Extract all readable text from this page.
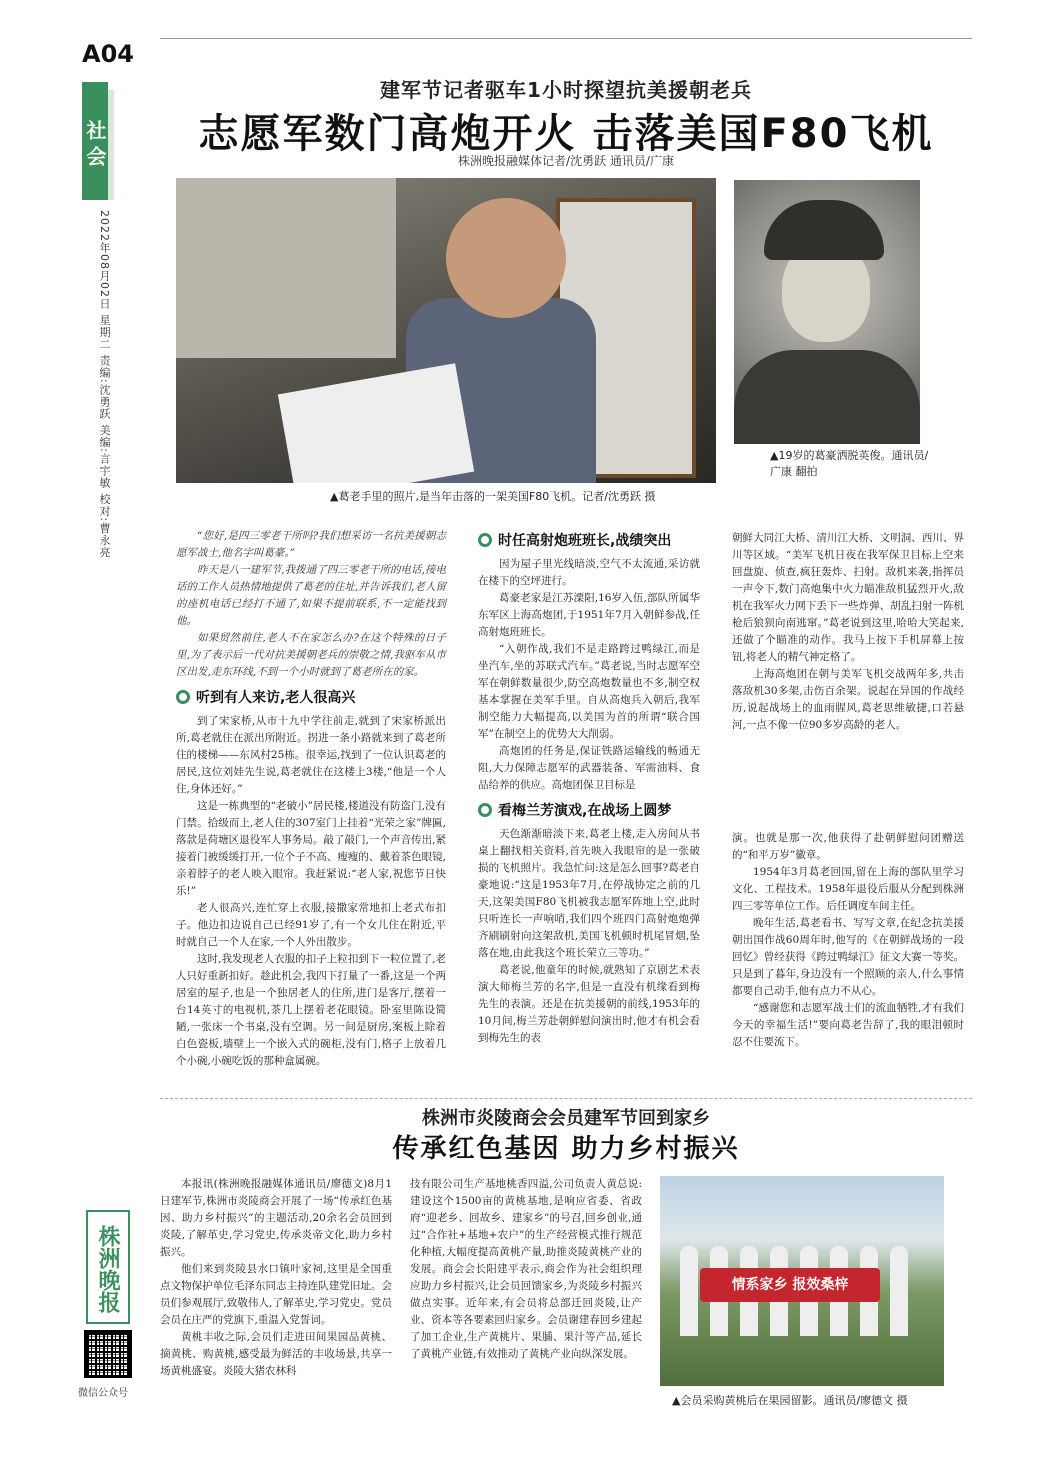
A04
社会
2022年08月02日 星期二 责编:沈勇跃 美编:言宇敏 校对:曹永亮
株洲晚报
微信公众号
建军节记者驱车1小时探望抗美援朝老兵
志愿军数门高炮开火 击落美国F80飞机
株洲晚报融媒体记者/沈勇跃 通讯员/广康
▲葛老手里的照片,是当年击落的一架美国F80飞机。记者/沈勇跃 摄
▲19岁的葛豪洒脱英俊。通讯员/广康 翻拍

“您好,是四三零老干所吗?我们想采访一名抗美援朝志愿军战士,他名字叫葛豪。”

昨天是八一建军节,我拨通了四三零老干所的电话,接电话的工作人员热情地提供了葛老的住址,并告诉我们,老人留的座机电话已经打不通了,如果不提前联系,不一定能找到他。

如果贸然前往,老人不在家怎么办?在这个特殊的日子里,为了表示后一代对抗美援朝老兵的崇敬之情,我驱车从市区出发,走东环线,不到一个小时就到了葛老所在的家。

听到有人来访,老人很高兴

到了宋家桥,从市十九中学往前走,就到了宋家桥派出所,葛老就住在派出所附近。拐进一条小路就来到了葛老所住的楼梯——东风村25栋。很幸运,找到了一位认识葛老的居民,这位刘娃先生说,葛老就住在这楼上3楼,“他是一个人住,身体还好。”

这是一栋典型的“老破小”居民楼,楼道没有防盗门,没有门禁。拾级而上,老人住的307室门上挂着“光荣之家”牌匾,落款是荷塘区退役军人事务局。敲了敲门,一个声音传出,紧接着门被缓缓打开,一位个子不高、瘦瘦的、戴着茶色眼镜,亲着脖子的老人映入眼帘。我赶紧说:“老人家,祝您节日快乐!”

老人很高兴,连忙穿上衣服,接撒家常地扣上老式布扣子。他边扣边说自己已经91岁了,有一个女儿住在附近,平时就自己一个人在家,一个人外出散步。

这时,我发现老人衣服的扣子上粒扣到下一粒位置了,老人只好重新扣好。趁此机会,我四下打量了一番,这是一个两居室的屋子,也是一个独居老人的住所,进门是客厅,摆着一台14英寸的电视机,茶几上摆着老花眼镜。卧室里陈设简陋,一张床一个书桌,没有空调。另一间是厨房,案板上除着白色瓷板,墙壁上一个嵌入式的碗柜,没有门,格子上放着几个小碗,小碗吃饭的那种盒属碗。

时任高射炮班班长,战绩突出

因为屋子里光线暗淡,空气不太流通,采访就在楼下的空坪进行。

葛豪老家是江苏溧阳,16岁入伍,部队所属华东军区上海高炮团,于1951年7月入朝鲜参战,任高射炮班班长。

“入朝作战,我们不是走路跨过鸭绿江,而是坐汽车,坐的苏联式汽车。”葛老说,当时志愿军空军在朝鲜数量很少,防空高炮数量也不多,制空权基本掌握在美军手里。自从高炮兵入朝后,我军制空能力大幅提高,以美国为首的所谓“联合国军”在制空上的优势大大削弱。

高炮团的任务是,保证铁路运输线的畅通无阻,大力保障志愿军的武器装备、军需油料、食品给养的供应。高炮团保卫目标是

看梅兰芳演戏,在战场上圆梦

天色渐渐暗淡下来,葛老上楼,走入房间从书桌上翻找相关资料,首先映入我眼帘的是一张破损的飞机照片。我急忙问:这是怎么回事?葛老自豪地说:“这是1953年7月,在停战协定之前的几天,这架美国F80飞机被我志愿军阵地上空,此时只听连长一声响哨,我们四个班四门高射炮炮弹齐刷刷射向这架敌机,美国飞机顿时机尾冒烟,坠落在地,由此我这个班长荣立三等功。”

葛老说,他童年的时候,就熟知了京剧艺术表演大师梅兰芳的名字,但是一直没有机缘看到梅先生的表演。还是在抗美援朝的前线,1953年的10月间,梅兰芳赴朝鲜慰问演出时,他才有机会看到梅先生的表

朝鲜大同江大桥、清川江大桥、文明洞、西川、界川等区域。“美军飞机日夜在我军保卫目标上空来回盘旋、侦查,疯狂轰炸、扫射。敌机来袭,指挥员一声令下,数门高炮集中火力瞄准敌机猛烈开火,敌机在我军火力网下丢下一些炸弹、胡乱扫射一阵机枪后狼狈向南逃窜。”葛老说到这里,哈哈大笑起来,还做了个瞄准的动作。我马上按下手机屏幕上按钮,将老人的精气神定格了。

上海高炮团在朝与美军飞机交战两年多,共击落敌机30多架,击伤百余架。说起在异国的作战经历,说起战场上的血雨腥风,葛老思维敏捷,口若悬河,一点不像一位90多岁高龄的老人。

演。也就是那一次,他获得了赴朝鲜慰问团赠送的“和平万岁”徽章。

1954年3月葛老回国,留在上海的部队里学习文化、工程技术。1958年退役后服从分配到株洲四三零等单位工作。后任调度车间主任。

晚年生活,葛老看书、写写文章,在纪念抗美援朝出国作战60周年时,他写的《在朝鲜战场的一段回忆》曾经获得《跨过鸭绿江》征文大赛一等奖。只是到了暮年,身边没有一个照顾的亲人,什么事情都要自己动手,他有点力不从心。

“感谢您和志愿军战士们的流血牺牲,才有我们今天的幸福生活!”要向葛老告辞了,我的眼泪顿时忍不住要流下。

株洲市炎陵商会会员建军节回到家乡
传承红色基因 助力乡村振兴

本报讯(株洲晚报融媒体通讯员/廖德文)8月1日建军节,株洲市炎陵商会开展了一场“传承红色基因、助力乡村振兴”的主题活动,20余名会员回到炎陵,了解革史,学习党史,传承炎帝文化,助力乡村振兴。

他们来到炎陵县水口镇叶家祠,这里是全国重点文物保护单位毛泽东同志主持连队建党旧址。会员们参观展厅,致敬伟人,了解革史,学习党史。党员会员在庄严的党旗下,重温入党誓词。

黄桃丰收之际,会员们走进田间果园品黄桃、摘黄桃、购黄桃,感受最为鲜活的丰收场景,共享一场黄桃盛宴。炎陵大猪农林科

技有限公司生产基地桃香四溢,公司负责人黄总说:建设这个1500亩的黄桃基地,是响应省委、省政府“迎老乡、回故乡、建家乡”的号召,回乡创业,通过“合作社+基地+农户”的生产经营模式推行规范化种植,大幅度提高黄桃产量,助推炎陵黄桃产业的发展。商会会长阳建平表示,商会作为社会组织理应助力乡村振兴,让会员回馈家乡,为炎陵乡村振兴做点实事。近年来,有会员将总部迁回炎陵,让产业、资本等各要素回归家乡。会员谢建春回乡建起了加工企业,生产黄桃片、果脯、果汁等产品,延长了黄桃产业链,有效推动了黄桃产业向纵深发展。

情系家乡 报效桑梓
▲会员采购黄桃后在果园留影。通讯员/廖德文 摄
